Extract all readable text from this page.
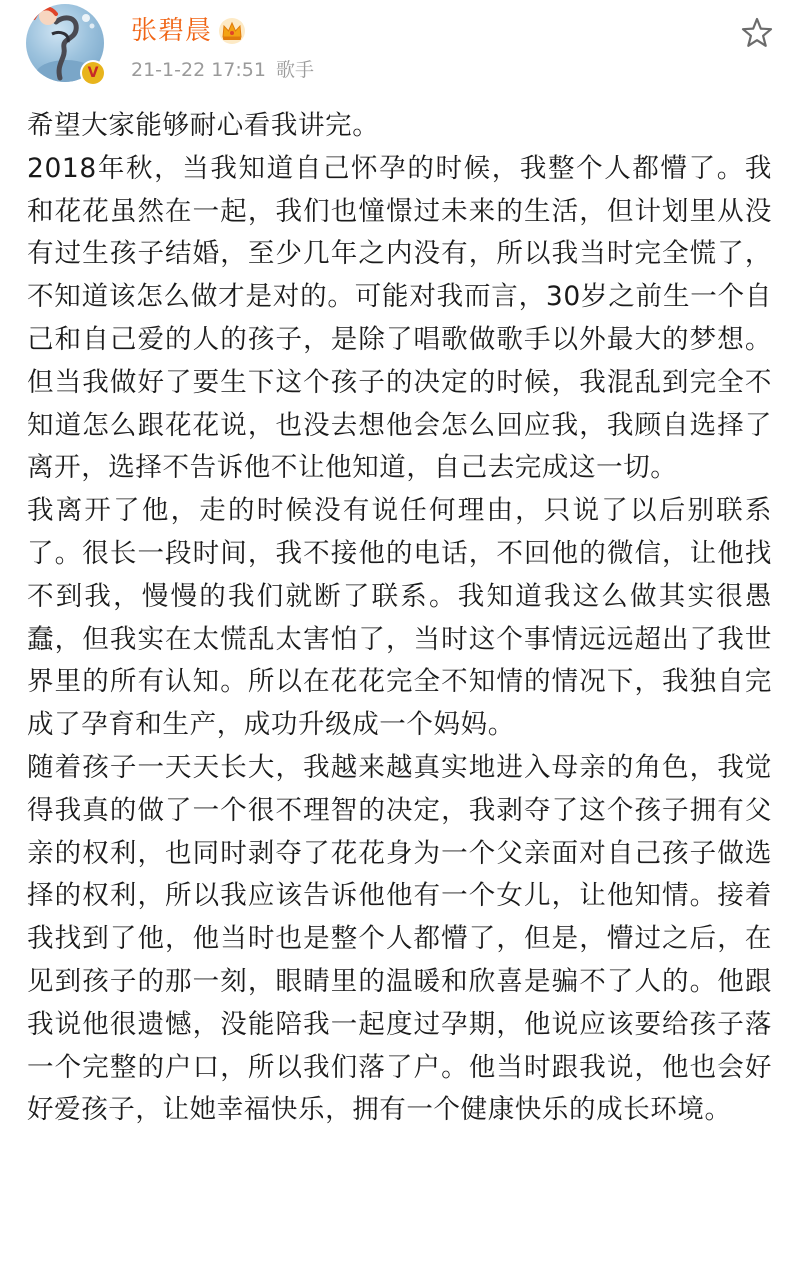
V
张碧晨
21-1-22 17:51 歌手

希望大家能够耐心看我讲完。

2018年秋，当我知道自己怀孕的时候，我整个人都懵了。我和花花虽然在一起，我们也憧憬过未来的生活，但计划里从没有过生孩子结婚，至少几年之内没有，所以我当时完全慌了，不知道该怎么做才是对的。可能对我而言，30岁之前生一个自己和自己爱的人的孩子，是除了唱歌做歌手以外最大的梦想。但当我做好了要生下这个孩子的决定的时候，我混乱到完全不知道怎么跟花花说，也没去想他会怎么回应我，我顾自选择了离开，选择不告诉他不让他知道，自己去完成这一切。

我离开了他，走的时候没有说任何理由，只说了以后别联系了。很长一段时间，我不接他的电话，不回他的微信，让他找不到我，慢慢的我们就断了联系。我知道我这么做其实很愚蠢，但我实在太慌乱太害怕了，当时这个事情远远超出了我世界里的所有认知。所以在花花完全不知情的情况下，我独自完成了孕育和生产，成功升级成一个妈妈。

随着孩子一天天长大，我越来越真实地进入母亲的角色，我觉得我真的做了一个很不理智的决定，我剥夺了这个孩子拥有父亲的权利，也同时剥夺了花花身为一个父亲面对自己孩子做选择的权利，所以我应该告诉他他有一个女儿，让他知情。接着我找到了他，他当时也是整个人都懵了，但是，懵过之后，在见到孩子的那一刻，眼睛里的温暖和欣喜是骗不了人的。他跟我说他很遗憾，没能陪我一起度过孕期，他说应该要给孩子落一个完整的户口，所以我们落了户。他当时跟我说，他也会好好爱孩子，让她幸福快乐，拥有一个健康快乐的成长环境。
